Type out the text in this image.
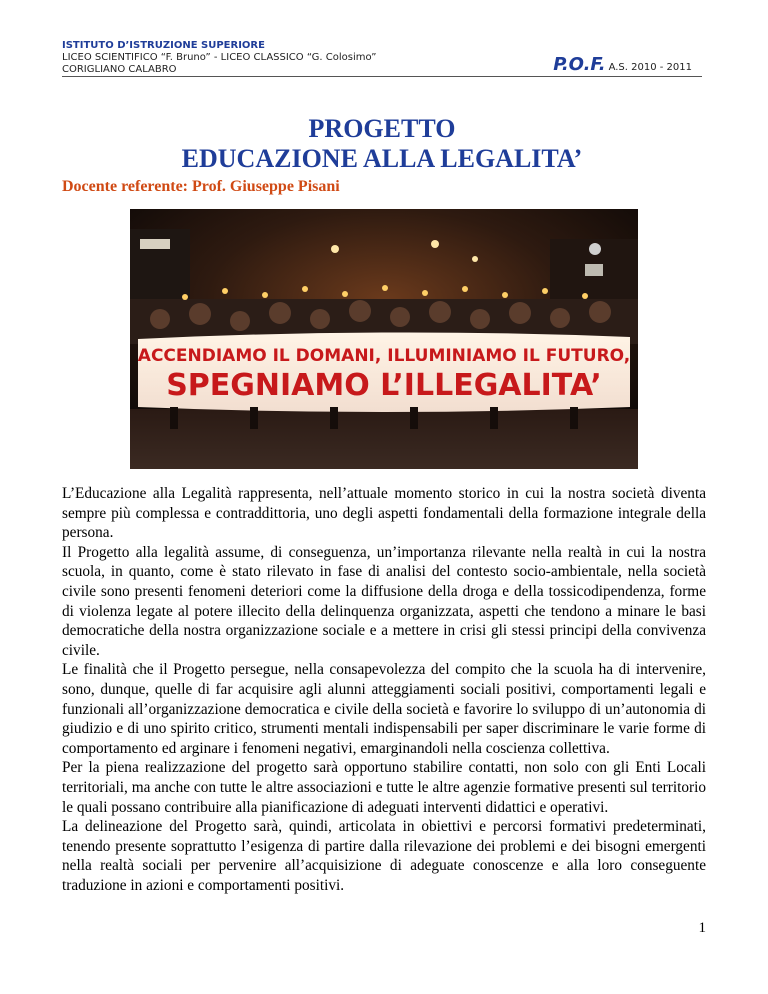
ISTITUTO D’ISTRUZIONE SUPERIORE
LICEO SCIENTIFICO “F. Bruno” - LICEO CLASSICO “G. Colosimo”
CORIGLIANO CALABRO	P.O.F. A.S. 2010 - 2011
PROGETTO
EDUCAZIONE ALLA LEGALITA’
Docente referente: Prof. Giuseppe Pisani
ACCENDIAMO IL DOMANI, ILLUMINIAMO IL FUTURO,
SPEGNIAMO L’ILLEGALITA’

L’Educazione alla Legalità rappresenta, nell’attuale momento storico in cui la nostra società diventa sempre più complessa e contraddittoria, uno degli aspetti fondamentali della formazione integrale della persona.

Il Progetto alla legalità assume, di conseguenza, un’importanza rilevante nella realtà in cui la nostra scuola, in quanto, come è stato rilevato in fase di analisi del contesto socio-ambientale, nella società civile sono presenti fenomeni deteriori come la diffusione della droga e della tossicodipendenza, forme di violenza legate al potere illecito della delinquenza organizzata, aspetti che tendono a minare le basi democratiche della nostra organizzazione sociale e a mettere in crisi gli stessi principi della convivenza civile.

Le finalità che il Progetto persegue, nella consapevolezza del compito che la scuola ha di intervenire, sono, dunque, quelle di far acquisire agli alunni atteggiamenti sociali positivi, comportamenti legali e funzionali all’organizzazione democratica e civile della società e favorire lo sviluppo di un’autonomia di giudizio e di uno spirito critico, strumenti mentali indispensabili per saper discriminare le varie forme di comportamento ed arginare i fenomeni negativi, emarginandoli nella coscienza collettiva.

Per la piena realizzazione del progetto sarà opportuno stabilire contatti, non solo con gli Enti Locali territoriali, ma anche con tutte le altre associazioni e tutte le altre agenzie formative presenti sul territorio le quali possano contribuire alla pianificazione di adeguati interventi didattici e operativi.

La delineazione del Progetto sarà, quindi, articolata in obiettivi e percorsi formativi predeterminati, tenendo presente soprattutto l’esigenza di partire dalla rilevazione dei problemi e dei bisogni emergenti nella realtà sociali per pervenire all’acquisizione di adeguate conoscenze e alla loro conseguente traduzione in azioni e comportamenti positivi.

1
